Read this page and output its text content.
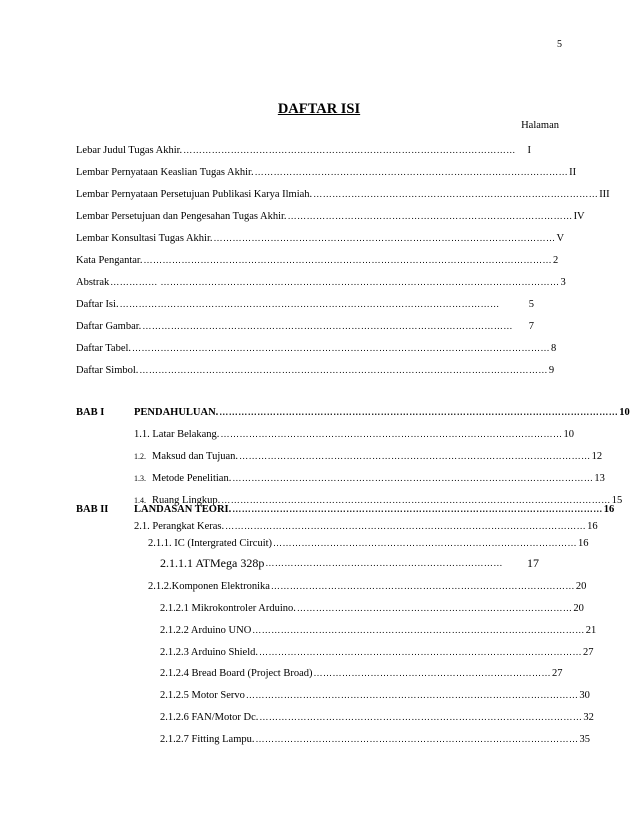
5
DAFTAR ISI
Halaman
Lebar Judul Tugas Akhir. ……………………………………………………………………………………………	I
Lembar Pernyataan Keaslian Tugas Akhir. ……………………………………………………………………………………… II
Lembar Pernyataan Persetujuan Publikasi Karya Ilmiah. ……………………………………………………………………………… III
Lembar Persetujuan dan Pengesahan Tugas Akhir. ……………………………………………………………………………… IV
Lembar Konsultasi Tugas Akhir. ……………………………………………………………………………………………… V
Kata Pengantar. ………………………………………………………………………………………………………………… 2
Abstrak …………… ……………………………………………………………………………………………………………… 3
Daftar Isi. …………………………………………………………………………………………………………	5
Daftar Gambar. ………………………………………………………………………………………………………	7
Daftar Tabel. …………………………………………………………………………………………………………………… 8
Daftar Simbol. ………………………………………………………………………………………………………………… 9
BAB I	PENDAHULUAN. ……………………………………………………………………………………………………………… 10
1.1. Latar Belakang. ……………………………………………………………………………………………… 10
1.2. Maksud dan Tujuan. ………………………………………………………………………………………………… 12
1.3. Metode Penelitian. …………………………………………………………………………………………………… 13
1.4. Ruang Lingkup. …………………………………………………………………………………………………………… 15
BAB II LANDASAN TEORI. ……………………………………………………………………………………………………… 16
2.1. Perangkat Keras. …………………………………………………………………………………………………… 16
2.1.1. IC (Intergrated Circuit) …………………………………………………………………………………… 16
2.1.1.1 ATMega 328p …………………………………………………………………	17
2.1.2.Komponen Elektronika …………………………………………………………………………………… 20
2.1.2.1 Mikrokontroler Arduino. …………………………………………………………………………… 20
2.1.2.2 Arduino UNO …………………………………………………………………………………………… 21
2.1.2.3 Arduino Shield. ………………………………………………………………………………………… 27
2.1.2.4 Bread Board (Project Broad) ………………………………………………………………… 27
2.1.2.5 Motor Servo …………………………………………………………………………………………… 30
2.1.2.6 FAN/Motor Dc. ………………………………………………………………………………………… 32
2.1.2.7 Fitting Lampu. ………………………………………………………………………………………… 35
